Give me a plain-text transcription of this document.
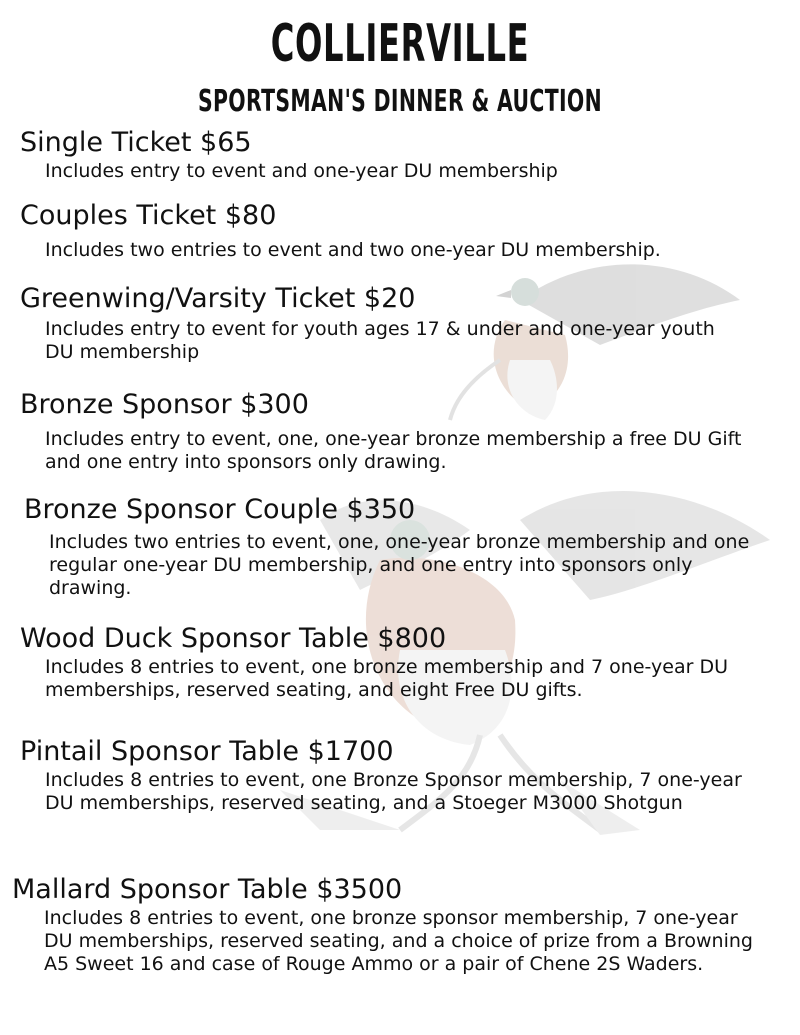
COLLIERVILLE
SPORTSMAN'S DINNER & AUCTION
Single Ticket $65
Includes entry to event and one-year DU membership
Couples Ticket $80
Includes two entries to event and two one-year DU membership.
Greenwing/Varsity Ticket $20
Includes entry to event for youth ages 17 & under and one-year youth DU membership
Bronze Sponsor $300
Includes entry to event, one, one-year bronze membership a free DU Gift and one entry into sponsors only drawing.
Bronze Sponsor Couple $350
Includes two entries to event, one, one-year bronze membership and one regular one-year DU membership, and one entry into sponsors only drawing.
Wood Duck Sponsor Table $800
Includes 8 entries to event, one bronze membership and 7 one-year DU memberships, reserved seating, and eight Free DU gifts.
Pintail Sponsor Table $1700
Includes 8 entries to event, one Bronze Sponsor membership, 7 one-year DU memberships, reserved seating, and a Stoeger M3000 Shotgun
Mallard Sponsor Table $3500
Includes 8 entries to event, one bronze sponsor membership, 7 one-year DU memberships, reserved seating, and a choice of prize from a Browning A5 Sweet 16 and case of Rouge Ammo or a pair of Chene 2S Waders.
